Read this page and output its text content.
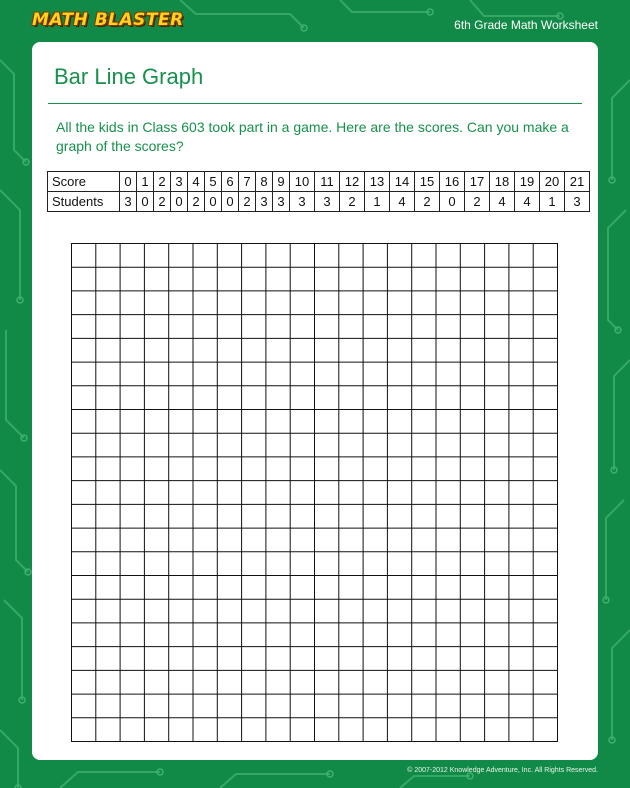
MATH BLASTER	6th Grade Math Worksheet
Bar Line Graph
All the kids in Class 603 took part in a game. Here are the scores. Can you make a graph of the scores?
Score	0	1	2	3	4	5	6	7	8	9	10	11	12	13	14	15	16	17	18	19	20	21
Students	3	0	2	0	2	0	0	2	3	3	3	3	2	1	4	2	0	2	4	4	1	3
© 2007-2012 Knowledge Adventure, Inc. All Rights Reserved.
